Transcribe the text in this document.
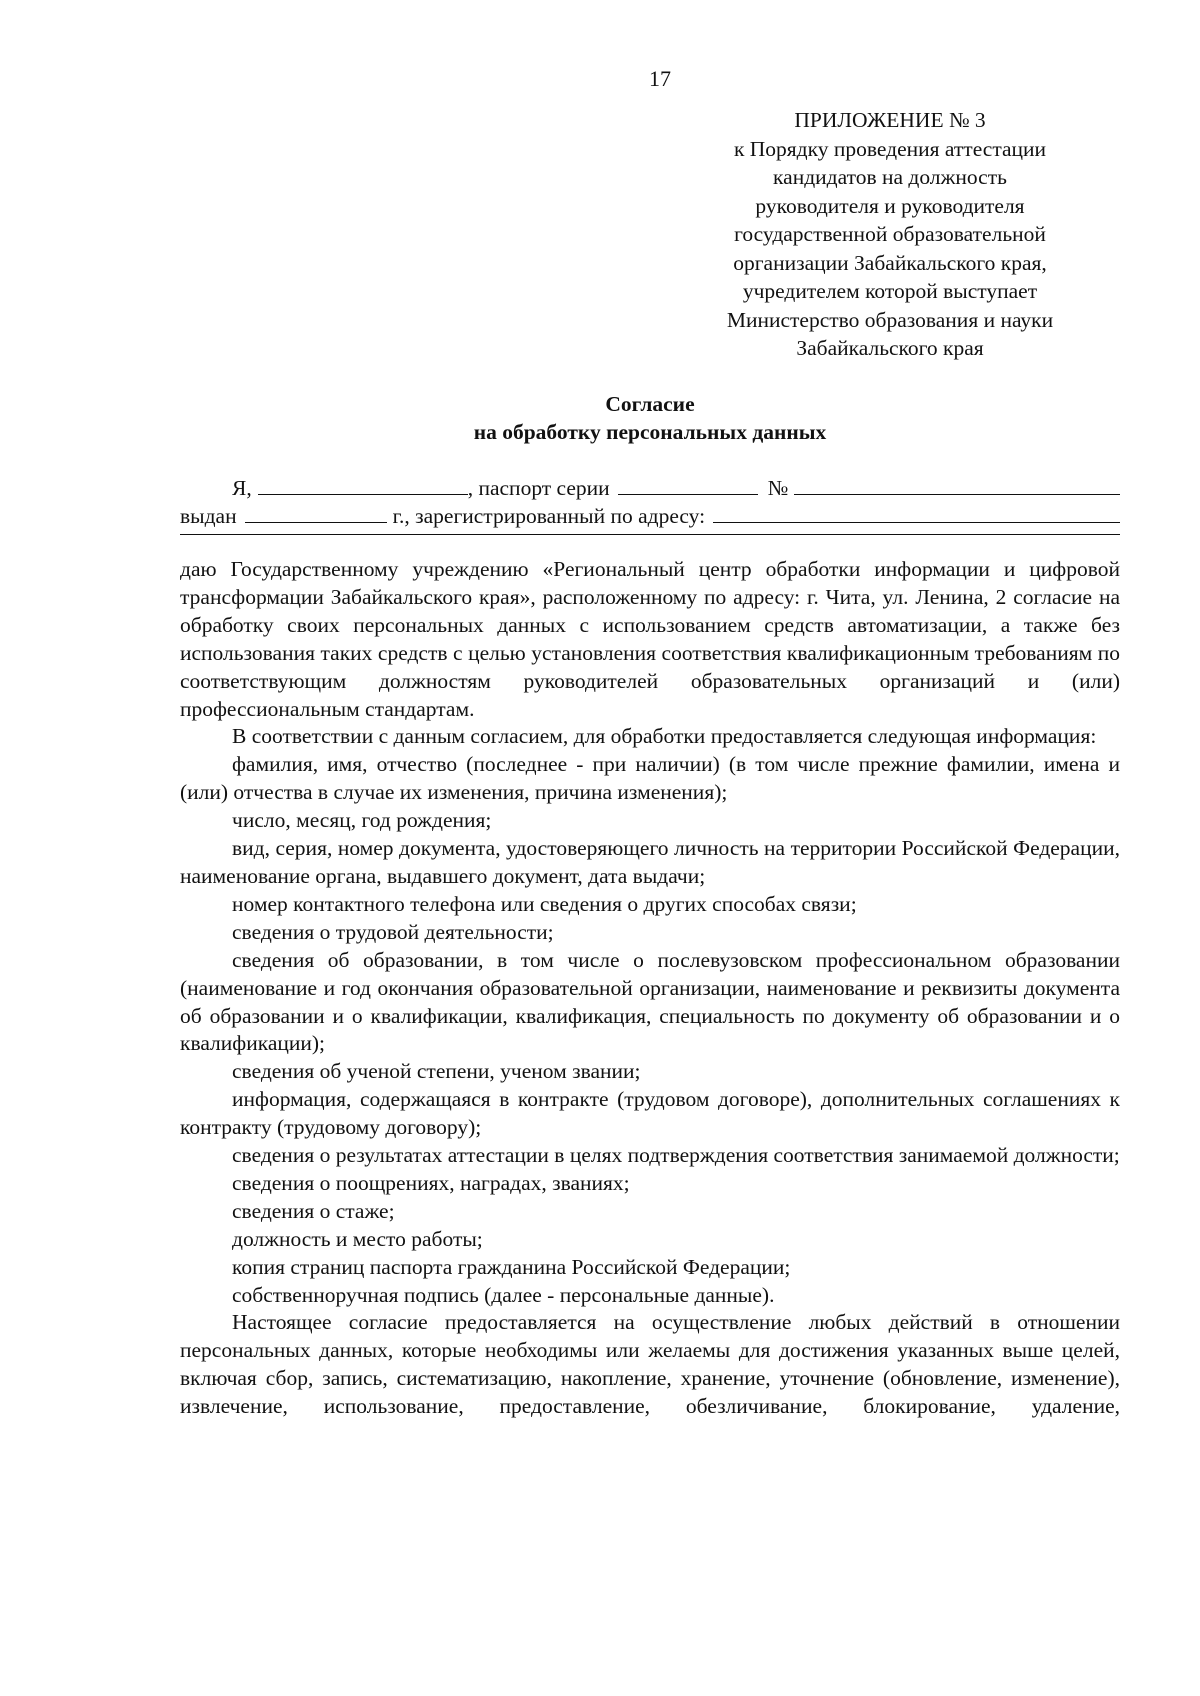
17
ПРИЛОЖЕНИЕ № 3
к Порядку проведения аттестации
кандидатов на должность
руководителя и руководителя
государственной образовательной
организации Забайкальского края,
учредителем которой выступает
Министерство образования и науки
Забайкальского края
Согласие
на обработку персональных данных
Я,	, паспорт серии	№
выдан	г., зарегистрированный по адресу:

даю Государственному учреждению «Региональный центр обработки информации и цифровой трансформации Забайкальского края», расположенному по адресу: г. Чита, ул. Ленина, 2 согласие на обработку своих персональных данных с использованием средств автоматизации, а также без использования таких средств с целью установления соответствия квалификационным требованиям по соответствующим должностям руководителей образовательных организаций и (или) профессиональным стандартам.

В соответствии с данным согласием, для обработки предоставляется следующая информация:

фамилия, имя, отчество (последнее - при наличии) (в том числе прежние фамилии, имена и (или) отчества в случае их изменения, причина изменения);

число, месяц, год рождения;

вид, серия, номер документа, удостоверяющего личность на территории Российской Федерации, наименование органа, выдавшего документ, дата выдачи;

номер контактного телефона или сведения о других способах связи;

сведения о трудовой деятельности;

сведения об образовании, в том числе о послевузовском профессиональном образовании (наименование и год окончания образовательной организации, наименование и реквизиты документа об образовании и о квалификации, квалификация, специальность по документу об образовании и о квалификации);

сведения об ученой степени, ученом звании;

информация, содержащаяся в контракте (трудовом договоре), дополнительных соглашениях к контракту (трудовому договору);

сведения о результатах аттестации в целях подтверждения соответствия занимаемой должности;

сведения о поощрениях, наградах, званиях;

сведения о стаже;

должность и место работы;

копия страниц паспорта гражданина Российской Федерации;

собственноручная подпись (далее - персональные данные).

Настоящее согласие предоставляется на осуществление любых действий в отношении персональных данных, которые необходимы или желаемы для достижения указанных выше целей, включая сбор, запись, систематизацию, накопление, хранение, уточнение (обновление, изменение), извлечение, использование, предоставление, обезличивание, блокирование, удаление,
